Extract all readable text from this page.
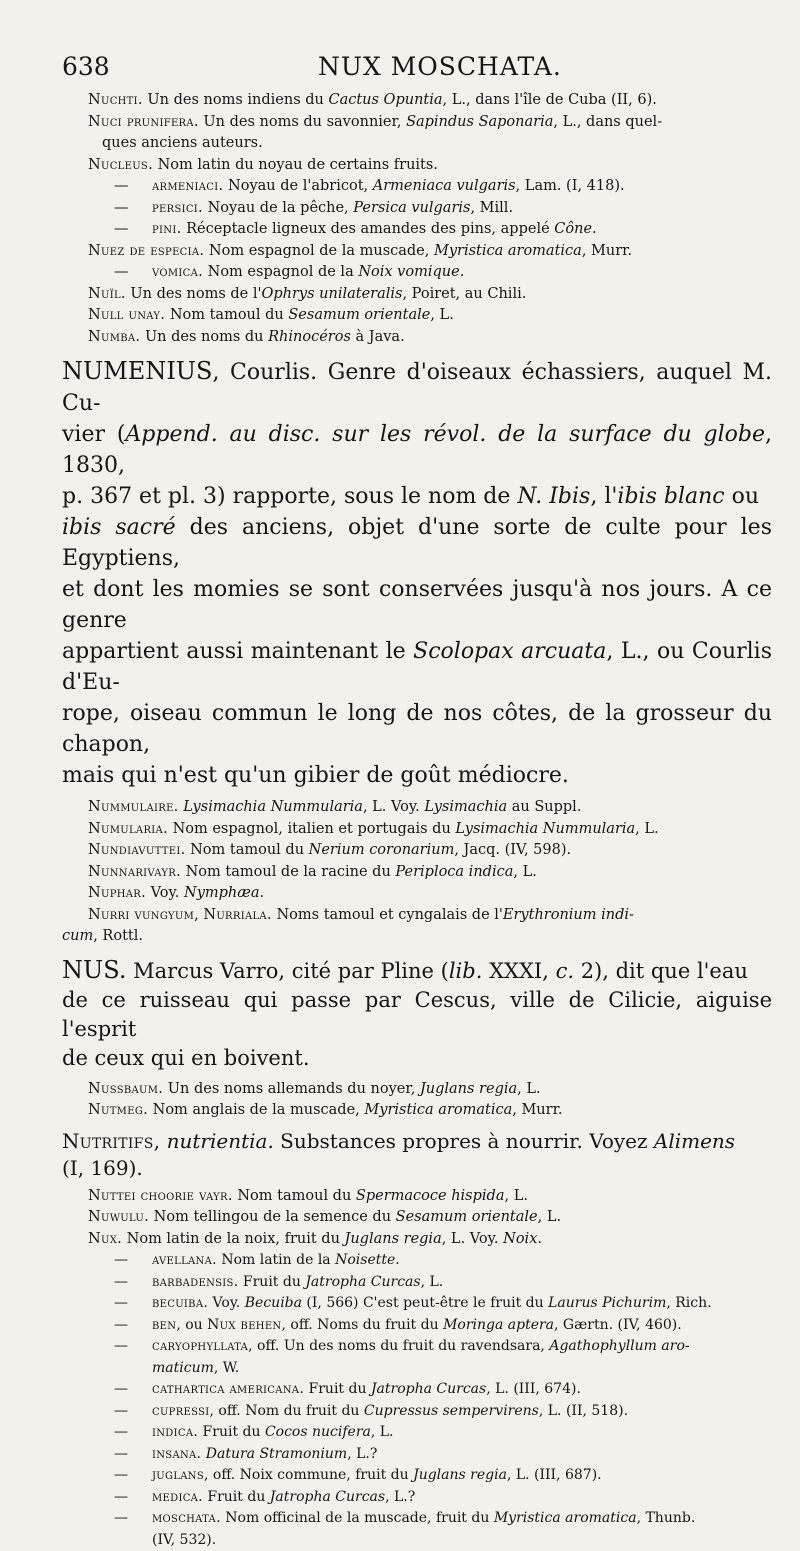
638	NUX MOSCHATA.

Nuchti. Un des noms indiens du Cactus Opuntia, L., dans l'île de Cuba (II, 6).

Nuci prunifera. Un des noms du savonnier, Sapindus Saponaria, L., dans quel-
ques anciens auteurs.

Nucleus. Nom latin du noyau de certains fruits.

— armeniaci. Noyau de l'abricot, Armeniaca vulgaris, Lam. (I, 418).

— persici. Noyau de la pêche, Persica vulgaris, Mill.

— pini. Réceptacle ligneux des amandes des pins, appelé Cône.

Nuez de especia. Nom espagnol de la muscade, Myristica aromatica, Murr.

— vomica. Nom espagnol de la Noix vomique.

Nuïl. Un des noms de l'Ophrys unilateralis, Poiret, au Chili.

Null unay. Nom tamoul du Sesamum orientale, L.

Numba. Un des noms du Rhinocéros à Java.

NUMENIUS, Courlis. Genre d'oiseaux échassiers, auquel M. Cu-
vier (Append. au disc. sur les révol. de la surface du globe, 1830,
p. 367 et pl. 3) rapporte, sous le nom de N. Ibis, l'ibis blanc ou
ibis sacré des anciens, objet d'une sorte de culte pour les Egyptiens,
et dont les momies se sont conservées jusqu'à nos jours. A ce genre
appartient aussi maintenant le Scolopax arcuata, L., ou Courlis d'Eu-
rope, oiseau commun le long de nos côtes, de la grosseur du chapon,
mais qui n'est qu'un gibier de goût médiocre.

Nummulaire. Lysimachia Nummularia, L. Voy. Lysimachia au Suppl.

Numularia. Nom espagnol, italien et portugais du Lysimachia Nummularia, L.

Nundiavuttei. Nom tamoul du Nerium coronarium, Jacq. (IV, 598).

Nunnarivayr. Nom tamoul de la racine du Periploca indica, L.

Nuphar. Voy. Nymphæa.

Nurri vungyum, Nurriala. Noms tamoul et cyngalais de l'Erythronium indi-
cum, Rottl.

NUS. Marcus Varro, cité par Pline (lib. XXXI, c. 2), dit que l'eau
de ce ruisseau qui passe par Cescus, ville de Cilicie, aiguise l'esprit
de ceux qui en boivent.

Nussbaum. Un des noms allemands du noyer, Juglans regia, L.

Nutmeg. Nom anglais de la muscade, Myristica aromatica, Murr.

Nutritifs, nutrientia. Substances propres à nourrir. Voyez Alimens
(I, 169).

Nuttei choorie vayr. Nom tamoul du Spermacoce hispida, L.

Nuwulu. Nom tellingou de la semence du Sesamum orientale, L.

Nux. Nom latin de la noix, fruit du Juglans regia, L. Voy. Noix.

— avellana. Nom latin de la Noisette.

— barbadensis. Fruit du Jatropha Curcas, L.

— becuiba. Voy. Becuiba (I, 566) C'est peut-être le fruit du Laurus Pichurim, Rich.

— ben, ou Nux behen, off. Noms du fruit du Moringa aptera, Gærtn. (IV, 460).

— caryophyllata, off. Un des noms du fruit du ravendsara, Agathophyllum aro-
maticum, W.

— cathartica americana. Fruit du Jatropha Curcas, L. (III, 674).

— cupressi, off. Nom du fruit du Cupressus sempervirens, L. (II, 518).

— indica. Fruit du Cocos nucifera, L.

— insana. Datura Stramonium, L.?

— juglans, off. Noix commune, fruit du Juglans regia, L. (III, 687).

— medica. Fruit du Jatropha Curcas, L.?

— moschata. Nom officinal de la muscade, fruit du Myristica aromatica, Thunb.
(IV, 532).
